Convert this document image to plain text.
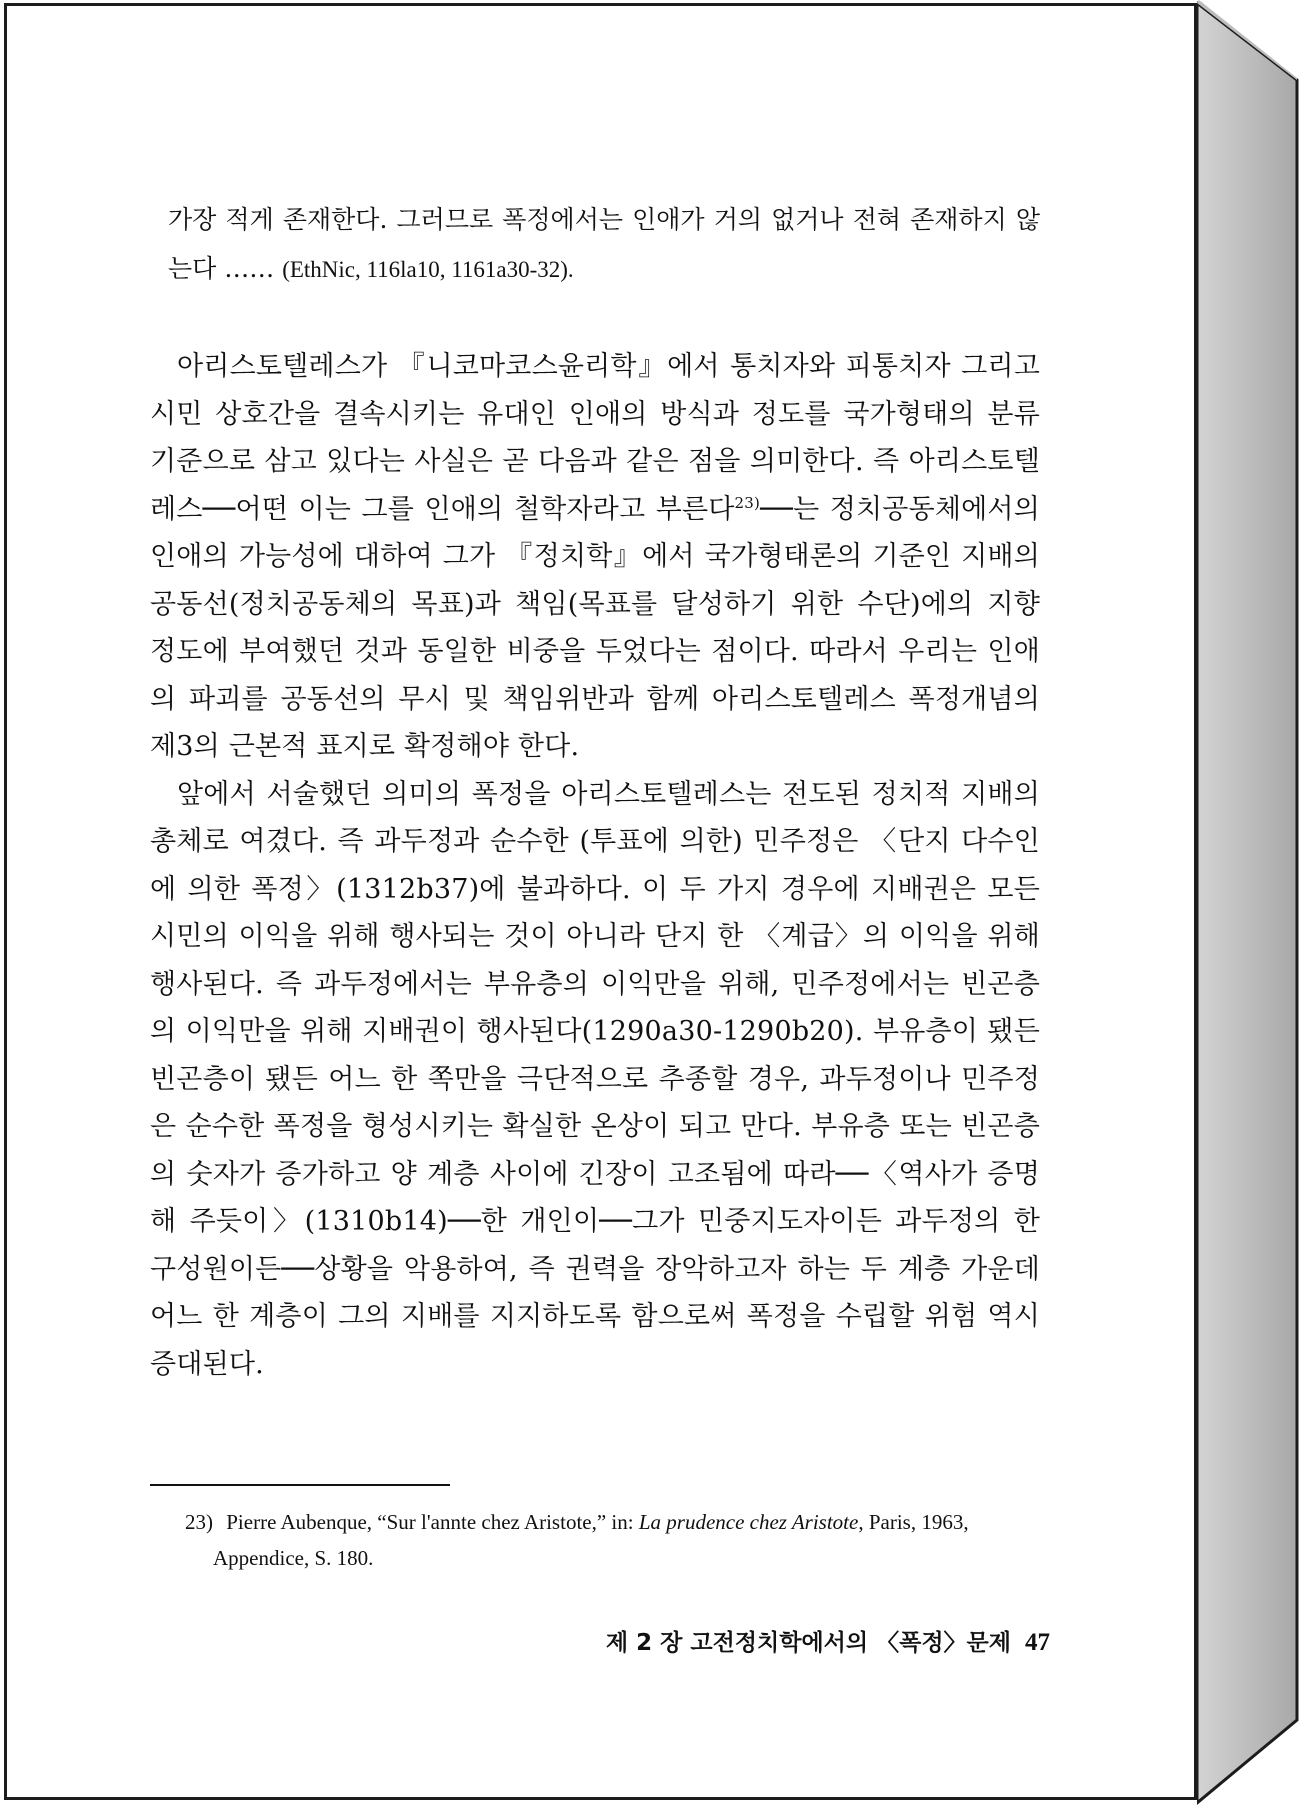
가장 적게 존재한다. 그러므로 폭정에서는 인애가 거의 없거나 전혀 존재하지 않는다 …… (EthNic, 116la10, 1161a30-32).
아리스토텔레스가 『니코마코스윤리학』에서 통치자와 피통치자 그리고 시민 상호간을 결속시키는 유대인 인애의 방식과 정도를 국가형태의 분류 기준으로 삼고 있다는 사실은 곧 다음과 같은 점을 의미한다. 즉 아리스토텔레스──어떤 이는 그를 인애의 철학자라고 부른다$^{23)}$──는 정치공동체에서의 인애의 가능성에 대하여 그가 『정치학』에서 국가형태론의 기준인 지배의 공동선(정치공동체의 목표)과 책임(목표를 달성하기 위한 수단)에의 지향 정도에 부여했던 것과 동일한 비중을 두었다는 점이다. 따라서 우리는 인애의 파괴를 공동선의 무시 및 책임위반과 함께 아리스토텔레스 폭정개념의 제3의 근본적 표지로 확정해야 한다.
앞에서 서술했던 의미의 폭정을 아리스토텔레스는 전도된 정치적 지배의 총체로 여겼다. 즉 과두정과 순수한 (투표에 의한) 민주정은 〈단지 다수인에 의한 폭정〉(1312b37)에 불과하다. 이 두 가지 경우에 지배권은 모든 시민의 이익을 위해 행사되는 것이 아니라 단지 한 〈계급〉의 이익을 위해 행사된다. 즉 과두정에서는 부유층의 이익만을 위해, 민주정에서는 빈곤층의 이익만을 위해 지배권이 행사된다(1290a30-1290b20). 부유층이 됐든 빈곤층이 됐든 어느 한 쪽만을 극단적으로 추종할 경우, 과두정이나 민주정은 순수한 폭정을 형성시키는 확실한 온상이 되고 만다. 부유층 또는 빈곤층의 숫자가 증가하고 양 계층 사이에 긴장이 고조됨에 따라──〈역사가 증명해 주듯이〉(1310b14)──한 개인이──그가 민중지도자이든 과두정의 한 구성원이든──상황을 악용하여, 즉 권력을 장악하고자 하는 두 계층 가운데 어느 한 계층이 그의 지배를 지지하도록 함으로써 폭정을 수립할 위험 역시 증대된다.
23) Pierre Aubenque, “Sur l'annte chez Aristote,” in: La prudence chez Aristote, Paris, 1963,
Appendice, S. 180.
제 2 장 고전정치학에서의 〈폭정〉문제 47
